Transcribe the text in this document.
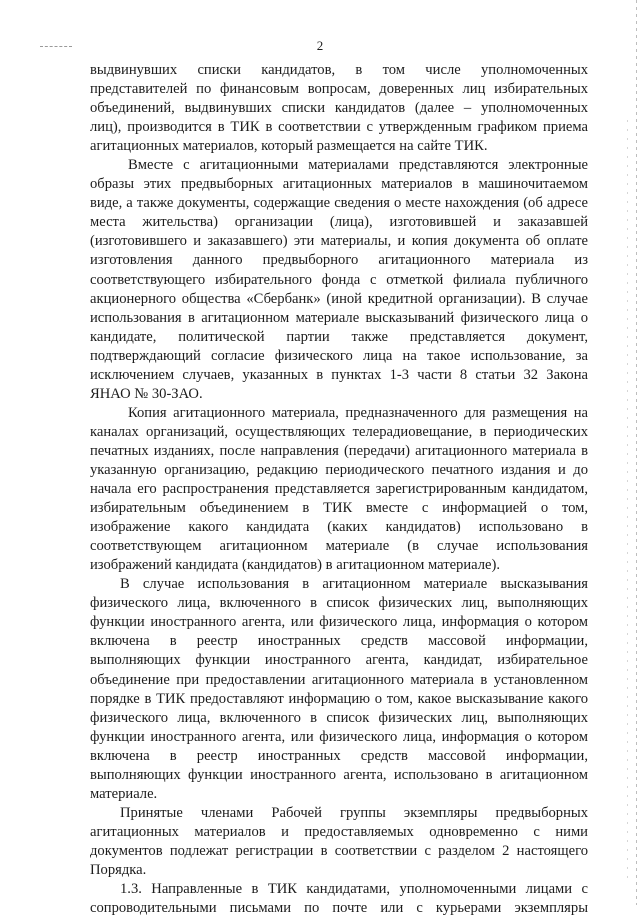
2
выдвинувших списки кандидатов, в том числе уполномоченных
представителей по финансовым вопросам, доверенных лиц избирательных
объединений, выдвинувших списки кандидатов (далее – уполномоченных
лиц), производится в ТИК в соответствии с утвержденным графиком приема
агитационных материалов, который размещается на сайте ТИК.
Вместе с агитационными материалами представляются электронные
образы этих предвыборных агитационных материалов в машиночитаемом
виде, а также документы, содержащие сведения о месте нахождения (об адресе
места жительства) организации (лица), изготовившей и заказавшей
(изготовившего и заказавшего) эти материалы, и копия документа об оплате
изготовления данного предвыборного агитационного материала из
соответствующего избирательного фонда с отметкой филиала публичного
акционерного общества «Сбербанк» (иной кредитной организации). В случае
использования в агитационном материале высказываний физического лица о
кандидате, политической партии также представляется документ,
подтверждающий согласие физического лица на такое использование, за
исключением случаев, указанных в пунктах 1-3 части 8 статьи 32 Закона
ЯНАО № 30-ЗАО.
Копия агитационного материала, предназначенного для размещения на
каналах организаций, осуществляющих телерадиовещание, в периодических
печатных изданиях, после направления (передачи) агитационного материала в
указанную организацию, редакцию периодического печатного издания и до
начала его распространения представляется зарегистрированным кандидатом,
избирательным объединением в ТИК вместе с информацией о том,
изображение какого кандидата (каких кандидатов) использовано в
соответствующем агитационном материале (в случае использования
изображений кандидата (кандидатов) в агитационном материале).
В случае использования в агитационном материале высказывания
физического лица, включенного в список физических лиц, выполняющих
функции иностранного агента, или физического лица, информация о котором
включена в реестр иностранных средств массовой информации,
выполняющих функции иностранного агента, кандидат, избирательное
объединение при предоставлении агитационного материала в установленном
порядке в ТИК предоставляют информацию о том, какое высказывание какого
физического лица, включенного в список физических лиц, выполняющих
функции иностранного агента, или физического лица, информация о котором
включена в реестр иностранных средств массовой информации,
выполняющих функции иностранного агента, использовано в агитационном
материале.
Принятые членами Рабочей группы экземпляры предвыборных
агитационных материалов и предоставляемых одновременно с ними
документов подлежат регистрации в соответствии с разделом 2 настоящего
Порядка.
1.3. Направленные в ТИК кандидатами, уполномоченными лицами с
сопроводительными письмами по почте или с курьерами экземпляры
